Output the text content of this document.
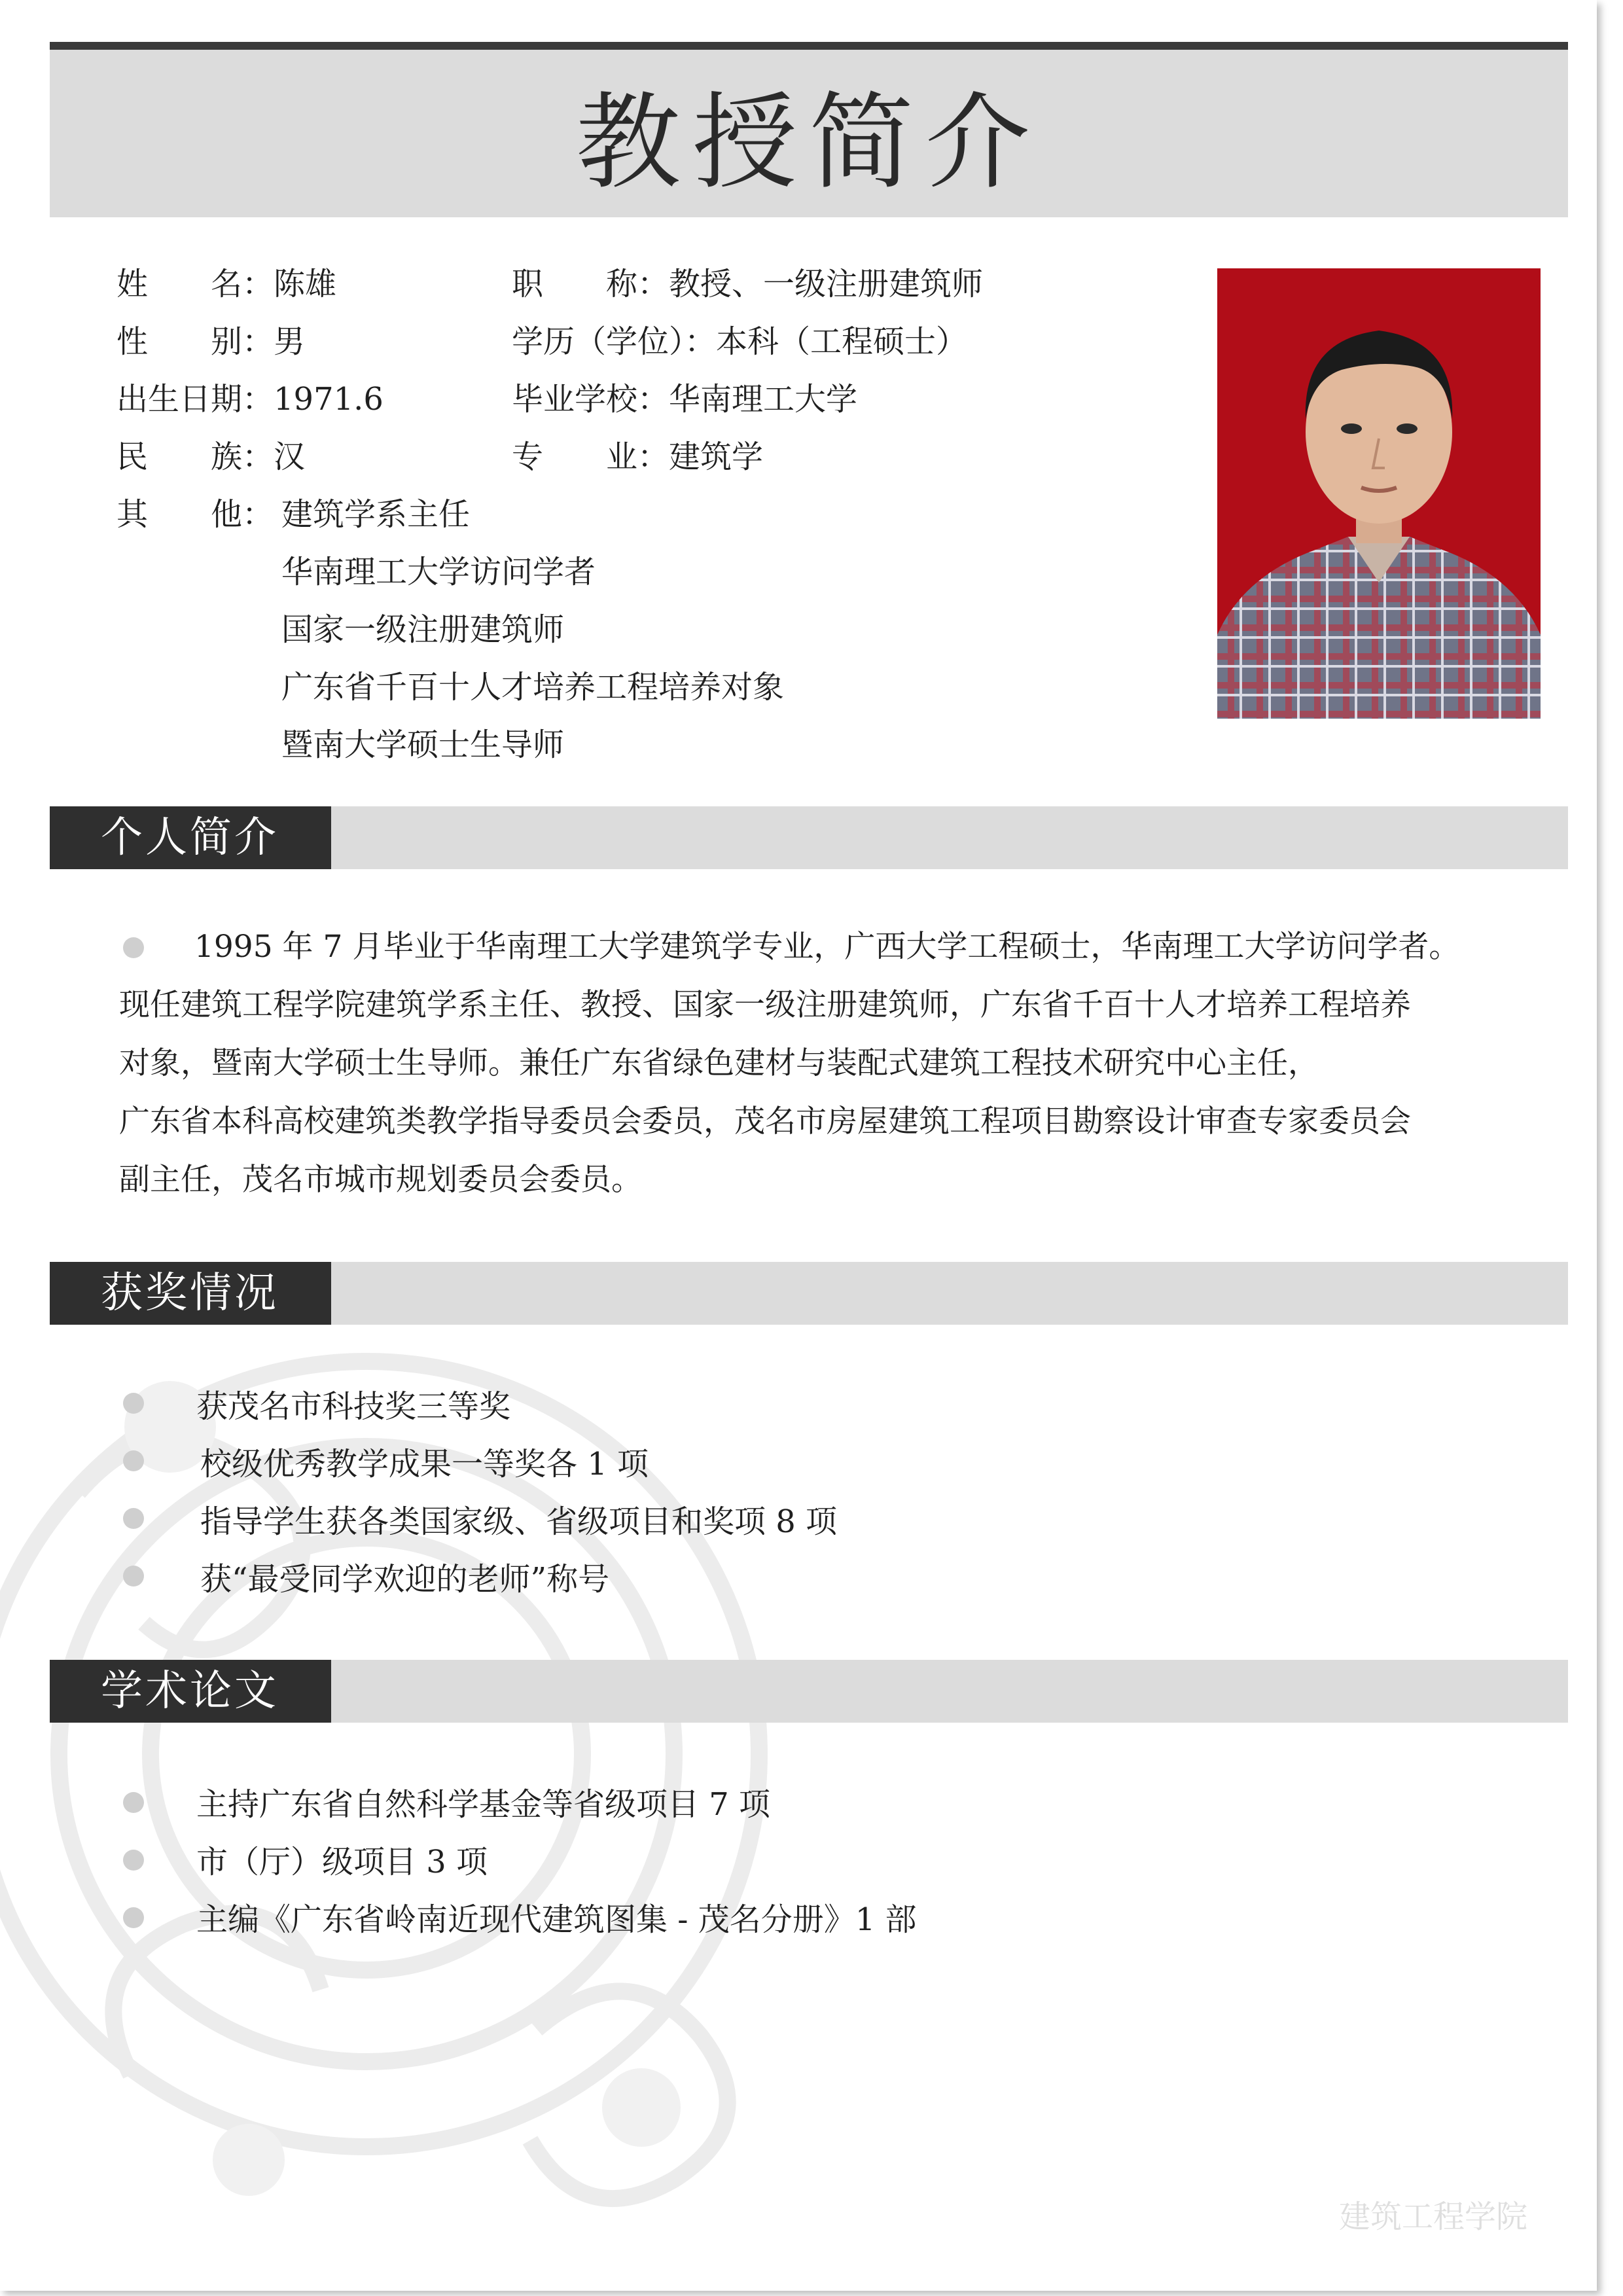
教授简介
姓　　名：陈雄	职　　称：教授、一级注册建筑师
性　　别：男	学历（学位）：本科（工程硕士）
出生日期：1971.6	毕业学校：华南理工大学
民　　族：汉	专　　业：建筑学
其　　他： 建筑学系主任
华南理工大学访问学者
国家一级注册建筑师
广东省千百十人才培养工程培养对象
暨南大学硕士生导师
个人简介
1995 年 7 月毕业于华南理工大学建筑学专业，广西大学工程硕士，华南理工大学访问学者。
现任建筑工程学院建筑学系主任、教授、国家一级注册建筑师，广东省千百十人才培养工程培养
对象，暨南大学硕士生导师。兼任广东省绿色建材与装配式建筑工程技术研究中心主任，
广东省本科高校建筑类教学指导委员会委员，茂名市房屋建筑工程项目勘察设计审查专家委员会
副主任，茂名市城市规划委员会委员。
获奖情况
获茂名市科技奖三等奖
校级优秀教学成果一等奖各 1 项
指导学生获各类国家级、省级项目和奖项 8 项
获“最受同学欢迎的老师”称号
学术论文
主持广东省自然科学基金等省级项目 7 项
市（厅）级项目 3 项
主编《广东省岭南近现代建筑图集 - 茂名分册》1 部
建筑工程学院
